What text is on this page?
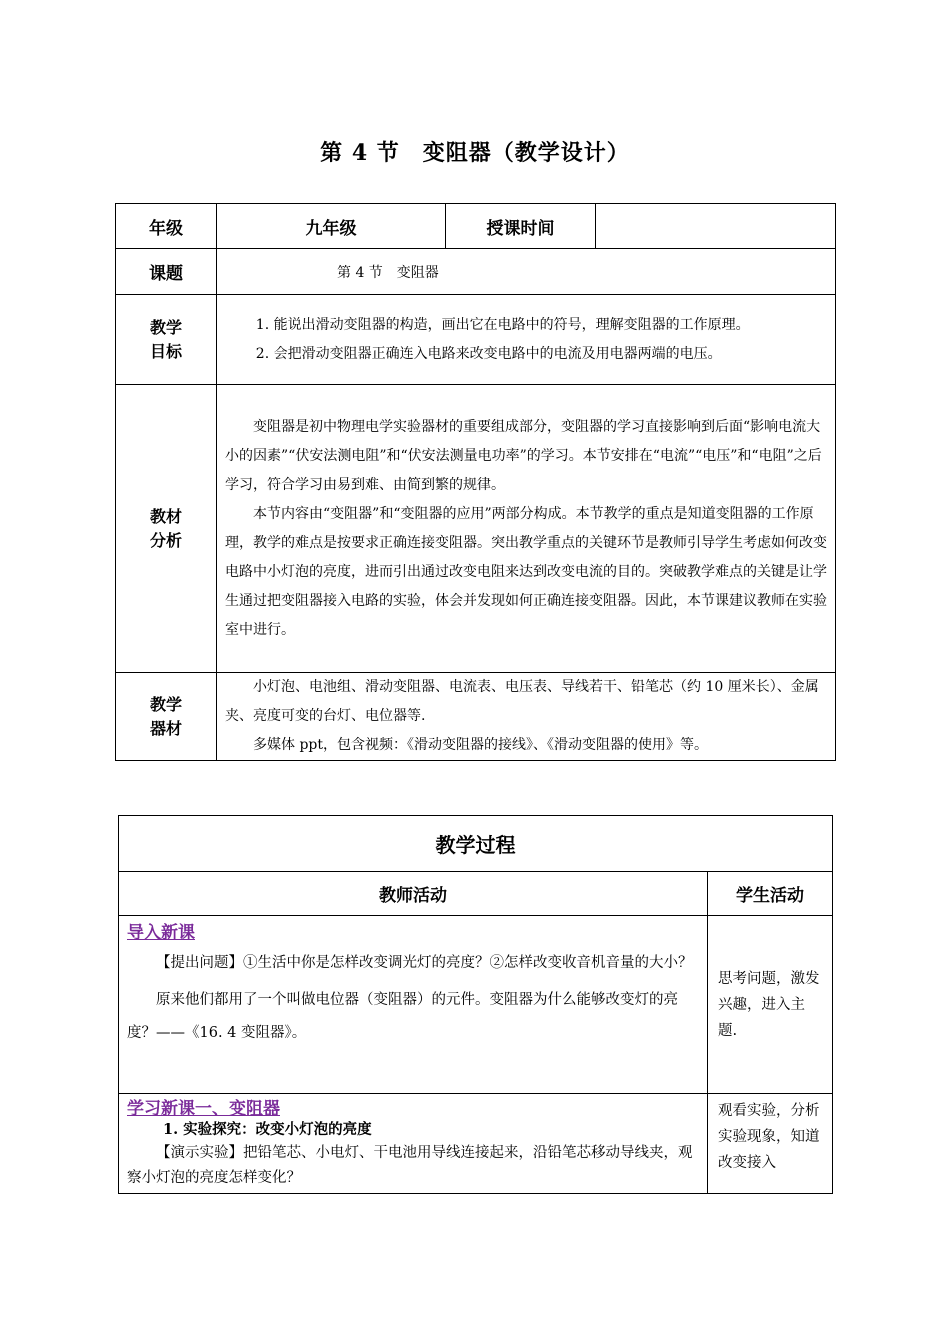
第 4 节　变阻器（教学设计）
年级	九年级	授课时间	
课题	第 4 节　变阻器		
教学目标	1. 能说出滑动变阻器的构造，画出它在电路中的符号，理解变阻器的工作原理。

2. 会把滑动变阻器正确连入电路来改变电路中的电流及用电器两端的电压。		

教材分析	变阻器是初中物理电学实验器材的重要组成部分，变阻器的学习直接影响到后面“影响电流大小的因素”“伏安法测电阻”和“伏安法测量电功率”的学习。本节安排在“电流”“电压”和“电阻”之后学习，符合学习由易到难、由简到繁的规律。

本节内容由“变阻器”和“变阻器的应用”两部分构成。本节教学的重点是知道变阻器的工作原理，教学的难点是按要求正确连接变阻器。突出教学重点的关键环节是教师引导学生考虑如何改变电路中小灯泡的亮度，进而引出通过改变电阻来达到改变电流的目的。突破教学难点的关键是让学生通过把变阻器接入电路的实验，体会并发现如何正确连接变阻器。因此，本节课建议教师在实验室中进行。		

教学器材	小灯泡、电池组、滑动变阻器、电流表、电压表、导线若干、铅笔芯（约 10 厘米长）、金属夹、亮度可变的台灯、电位器等.

多媒体 ppt，包含视频：《滑动变阻器的接线》、《滑动变阻器的使用》等。		

教学过程	
教师活动	学生活动
导入新课

【提出问题】①生活中你是怎样改变调光灯的亮度？②怎样改变收音机音量的大小？

原来他们都用了一个叫做电位器（变阻器）的元件。变阻器为什么能够改变灯的亮度？——《16. 4 变阻器》。	思考问题，激发兴趣，进入主题.
学习新课一、变阻器
1. 实验探究：改变小灯泡的亮度

【演示实验】把铅笔芯、小电灯、干电池用导线连接起来，沿铅笔芯移动导线夹，观察小灯泡的亮度怎样变化？	观看实验，分析实验现象，知道改变接入
